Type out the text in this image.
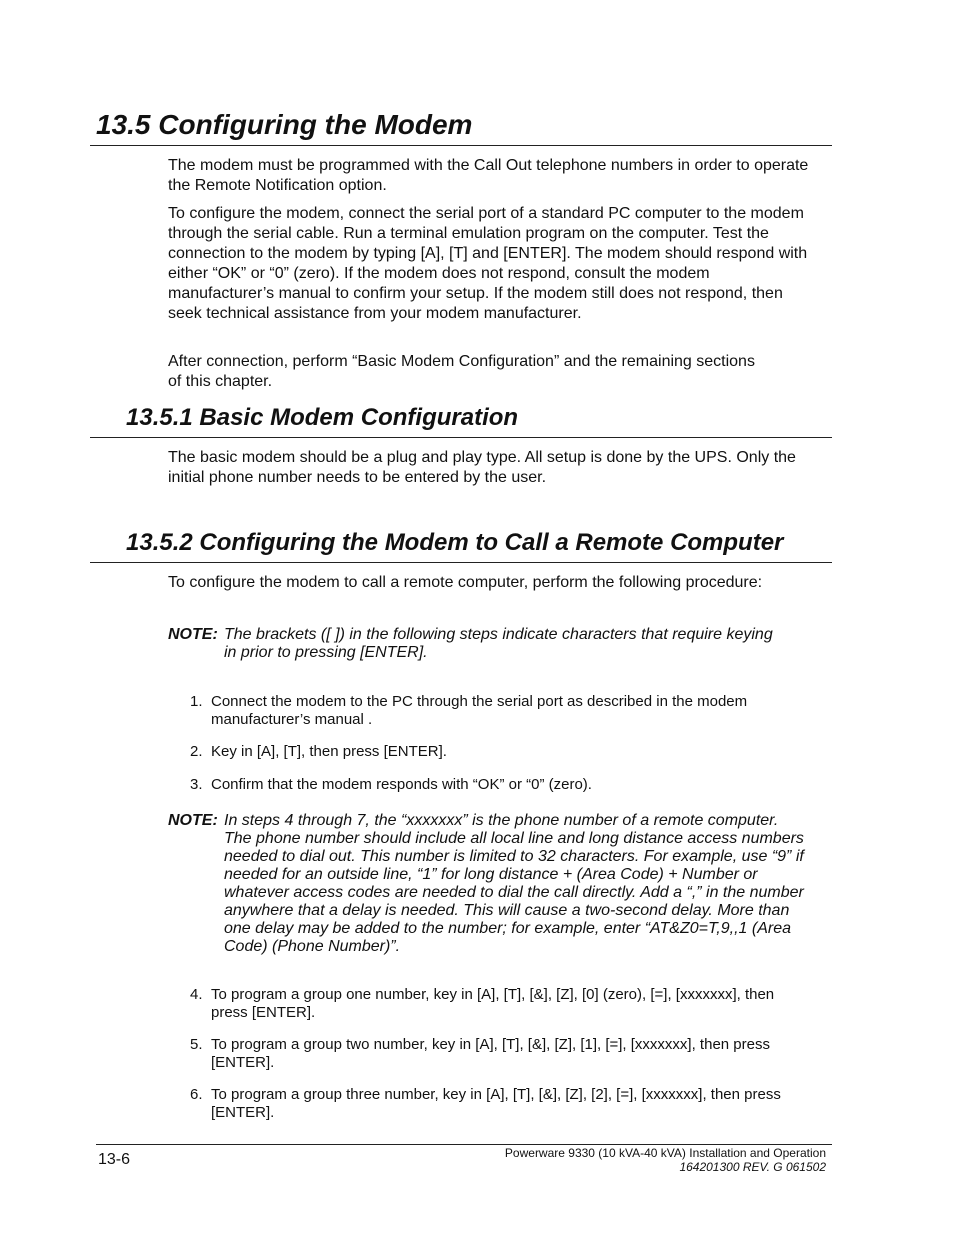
13.5 Configuring the Modem

The modem must be programmed with the Call Out telephone numbers in order to operate the Remote Notification option.

To configure the modem, connect the serial port of a standard PC computer to the modem through the serial cable. Run a terminal emulation program on the computer. Test the connection to the modem by typing [A], [T] and [ENTER]. The modem should respond with either “OK” or “0” (zero). If the modem does not respond, consult the modem manufacturer’s manual to confirm your setup. If the modem still does not respond, then seek technical assistance from your modem manufacturer.

After connection, perform “Basic Modem Configuration” and the remaining sections of this chapter.

13.5.1 Basic Modem Configuration

The basic modem should be a plug and play type. All setup is done by the UPS. Only the initial phone number needs to be entered by the user.

13.5.2 Configuring the Modem to Call a Remote Computer

To configure the modem to call a remote computer, perform the following procedure:

NOTE: The brackets ([ ]) in the following steps indicate characters that require keying in prior to pressing [ENTER].
1. Connect the modem to the PC through the serial port as described in the modem manufacturer’s manual .
2. Key in [A], [T], then press [ENTER].
3. Confirm that the modem responds with “OK” or “0” (zero).
NOTE: In steps 4 through 7, the “xxxxxxx” is the phone number of a remote computer. The phone number should include all local line and long distance access numbers needed to dial out. This number is limited to 32 characters. For example, use “9” if needed for an outside line, “1” for long distance + (Area Code) + Number or whatever access codes are needed to dial the call directly. Add a “,” in the number anywhere that a delay is needed. This will cause a two-second delay. More than one delay may be added to the number; for example, enter “AT&Z0=T,9,,1 (Area Code) (Phone Number)”.
4. To program a group one number, key in [A], [T], [&], [Z], [0] (zero), [=], [xxxxxxx], then press [ENTER].
5. To program a group two number, key in [A], [T], [&], [Z], [1], [=], [xxxxxxx], then press [ENTER].
6. To program a group three number, key in [A], [T], [&], [Z], [2], [=], [xxxxxxx], then press [ENTER].
13-6	Powerware 9330 (10 kVA-40 kVA) Installation and Operation
164201300 REV. G 061502
